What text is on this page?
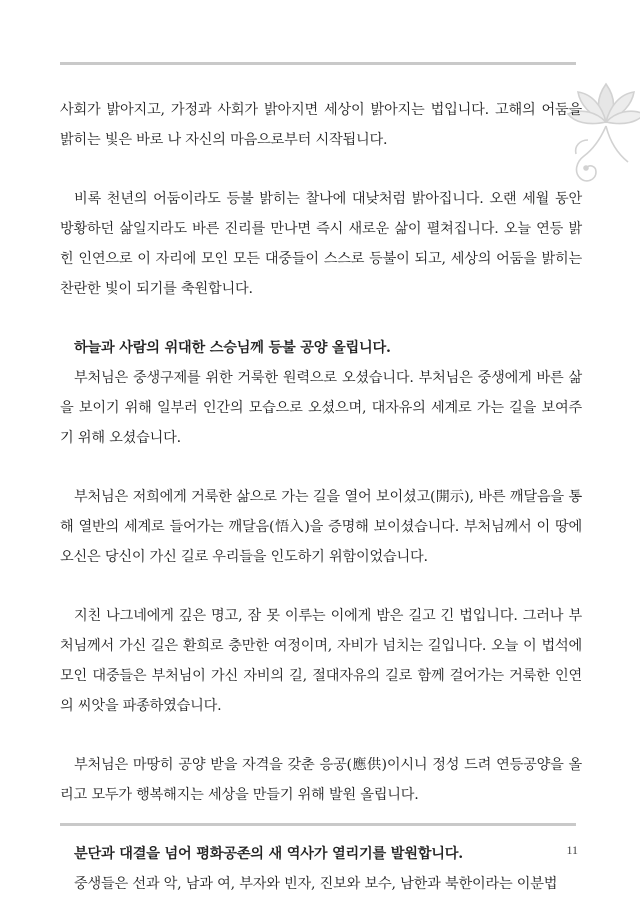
사회가 밝아지고, 가정과 사회가 밝아지면 세상이 밝아지는 법입니다. 고해의 어둠을 밝히는 빛은 바로 나 자신의 마음으로부터 시작됩니다.

비록 천년의 어둠이라도 등불 밝히는 찰나에 대낮처럼 밝아집니다. 오랜 세월 동안 방황하던 삶일지라도 바른 진리를 만나면 즉시 새로운 삶이 펼쳐집니다. 오늘 연등 밝힌 인연으로 이 자리에 모인 모든 대중들이 스스로 등불이 되고, 세상의 어둠을 밝히는 찬란한 빛이 되기를 축원합니다.

하늘과 사람의 위대한 스승님께 등불 공양 올립니다.

부처님은 중생구제를 위한 거룩한 원력으로 오셨습니다. 부처님은 중생에게 바른 삶을 보이기 위해 일부러 인간의 모습으로 오셨으며, 대자유의 세계로 가는 길을 보여주기 위해 오셨습니다.

부처님은 저희에게 거룩한 삶으로 가는 길을 열어 보이셨고(開示), 바른 깨달음을 통해 열반의 세계로 들어가는 깨달음(悟入)을 증명해 보이셨습니다. 부처님께서 이 땅에 오신은 당신이 가신 길로 우리들을 인도하기 위함이었습니다.

지친 나그네에게 깊은 명고, 잠 못 이루는 이에게 밤은 길고 긴 법입니다. 그러나 부처님께서 가신 길은 환희로 충만한 여정이며, 자비가 넘치는 길입니다. 오늘 이 법석에 모인 대중들은 부처님이 가신 자비의 길, 절대자유의 길로 함께 걸어가는 거룩한 인연의 씨앗을 파종하였습니다.

부처님은 마땅히 공양 받을 자격을 갖춘 응공(應供)이시니 정성 드려 연등공양을 올리고 모두가 행복해지는 세상을 만들기 위해 발원 올립니다.

분단과 대결을 넘어 평화공존의 새 역사가 열리기를 발원합니다.

중생들은 선과 악, 남과 여, 부자와 빈자, 진보와 보수, 남한과 북한이라는 이분법

11
